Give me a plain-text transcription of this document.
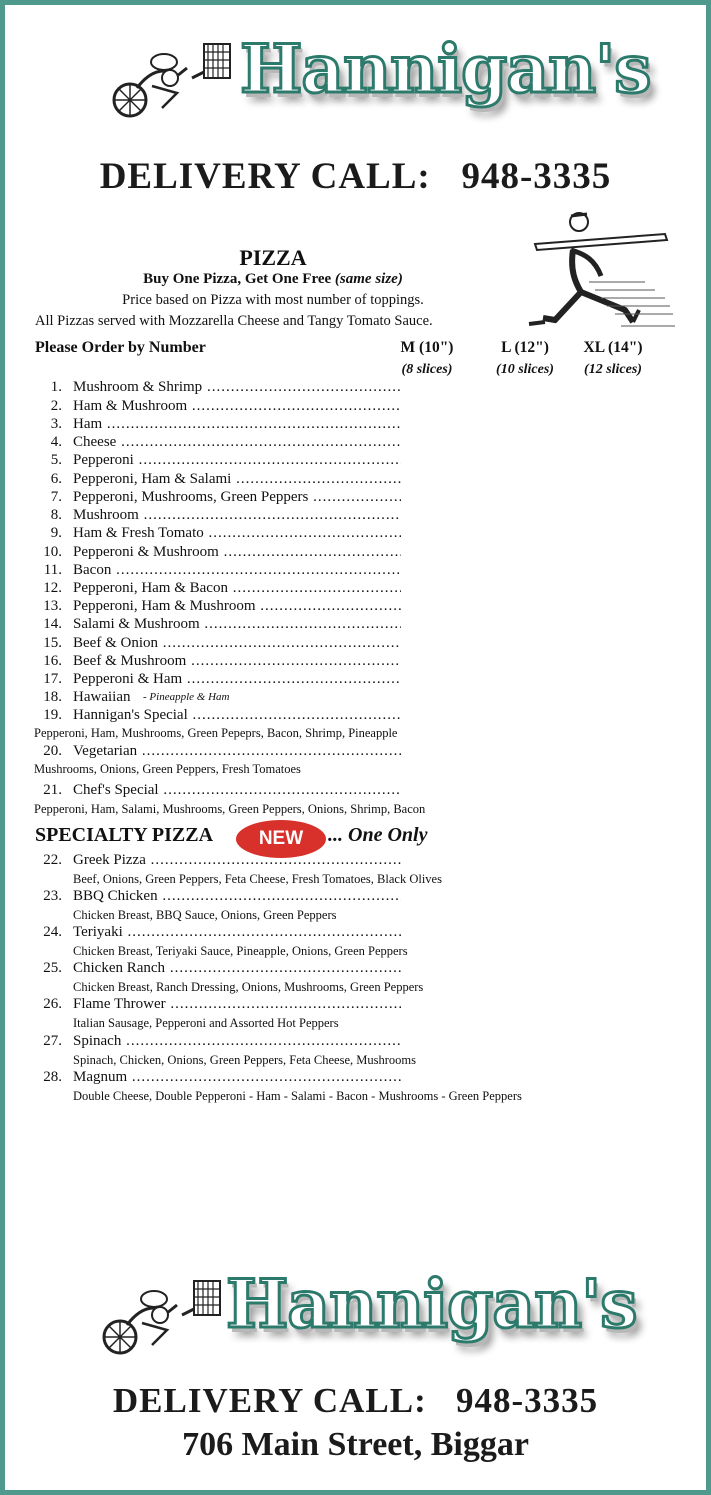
Hannigan's
DELIVERY CALL:   948-3335
PIZZA
Buy One Pizza, Get One Free (same size)
Price based on Pizza with most number of toppings.
All Pizzas served with Mozzarella Cheese and Tangy Tomato Sauce.
Please Order by Number	M (10")	L (12")	XL (14")
(8 slices)	(10 slices)	(12 slices)
1. Mushroom & Shrimp .....
2. Ham & Mushroom .....
3. Ham .....
4. Cheese .....
5. Pepperoni .....
6. Pepperoni, Ham & Salami .....
7. Pepperoni, Mushrooms, Green Peppers .....
8. Mushroom .....
9. Ham & Fresh Tomato .....
10. Pepperoni & Mushroom .....
11. Bacon .....
12. Pepperoni, Ham & Bacon .....
13. Pepperoni, Ham & Mushroom .....
14. Salami & Mushroom .....
15. Beef & Onion .....
16. Beef & Mushroom .....
17. Pepperoni & Ham .....
18. Hawaiian - Pineapple & Ham
19. Hannigan's Special .....
Pepperoni, Ham, Mushrooms, Green Pepeprs, Bacon, Shrimp, Pineapple
20. Vegetarian .....
Mushrooms, Onions, Green Peppers, Fresh Tomatoes
21. Chef's Special .....
Pepperoni, Ham, Salami, Mushrooms, Green Peppers, Onions, Shrimp, Bacon
SPECIALTY PIZZA	NEW	... One Only
22. Greek Pizza .....
Beef, Onions, Green Peppers, Feta Cheese, Fresh Tomatoes, Black Olives
23. BBQ Chicken .....
Chicken Breast, BBQ Sauce, Onions, Green Peppers
24. Teriyaki .....
Chicken Breast, Teriyaki Sauce, Pineapple, Onions, Green Peppers
25. Chicken Ranch .....
Chicken Breast, Ranch Dressing, Onions, Mushrooms, Green Peppers
26. Flame Thrower .....
Italian Sausage, Pepperoni and Assorted Hot Peppers
27. Spinach .....
Spinach, Chicken, Onions, Green Peppers, Feta Cheese, Mushrooms
28. Magnum .....
Double Cheese, Double Pepperoni - Ham - Salami - Bacon - Mushrooms - Green Peppers
Hannigan's
DELIVERY CALL:   948-3335
706 Main Street, Biggar
